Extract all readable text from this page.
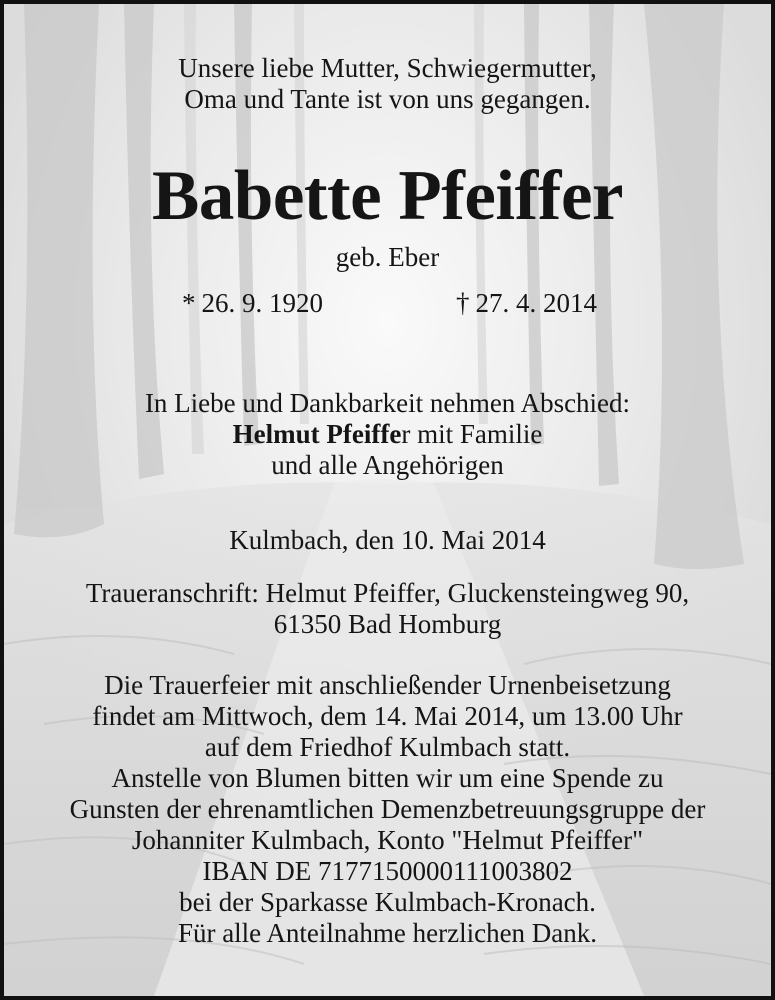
Unsere liebe Mutter, Schwiegermutter,
Oma und Tante ist von uns gegangen.
Babette Pfeiffer
geb. Eber
* 26. 9. 1920	† 27. 4. 2014
In Liebe und Dankbarkeit nehmen Abschied:
Helmut Pfeiffer mit Familie
und alle Angehörigen
Kulmbach, den 10. Mai 2014
Traueranschrift: Helmut Pfeiffer, Gluckensteingweg 90,
61350 Bad Homburg
Die Trauerfeier mit anschließender Urnenbeisetzung
findet am Mittwoch, dem 14. Mai 2014, um 13.00 Uhr
auf dem Friedhof Kulmbach statt.
Anstelle von Blumen bitten wir um eine Spende zu
Gunsten der ehrenamtlichen Demenzbetreuungsgruppe der
Johanniter Kulmbach, Konto "Helmut Pfeiffer"
IBAN DE 71771500001110038​02
bei der Sparkasse Kulmbach-Kronach.
Für alle Anteilnahme herzlichen Dank.
